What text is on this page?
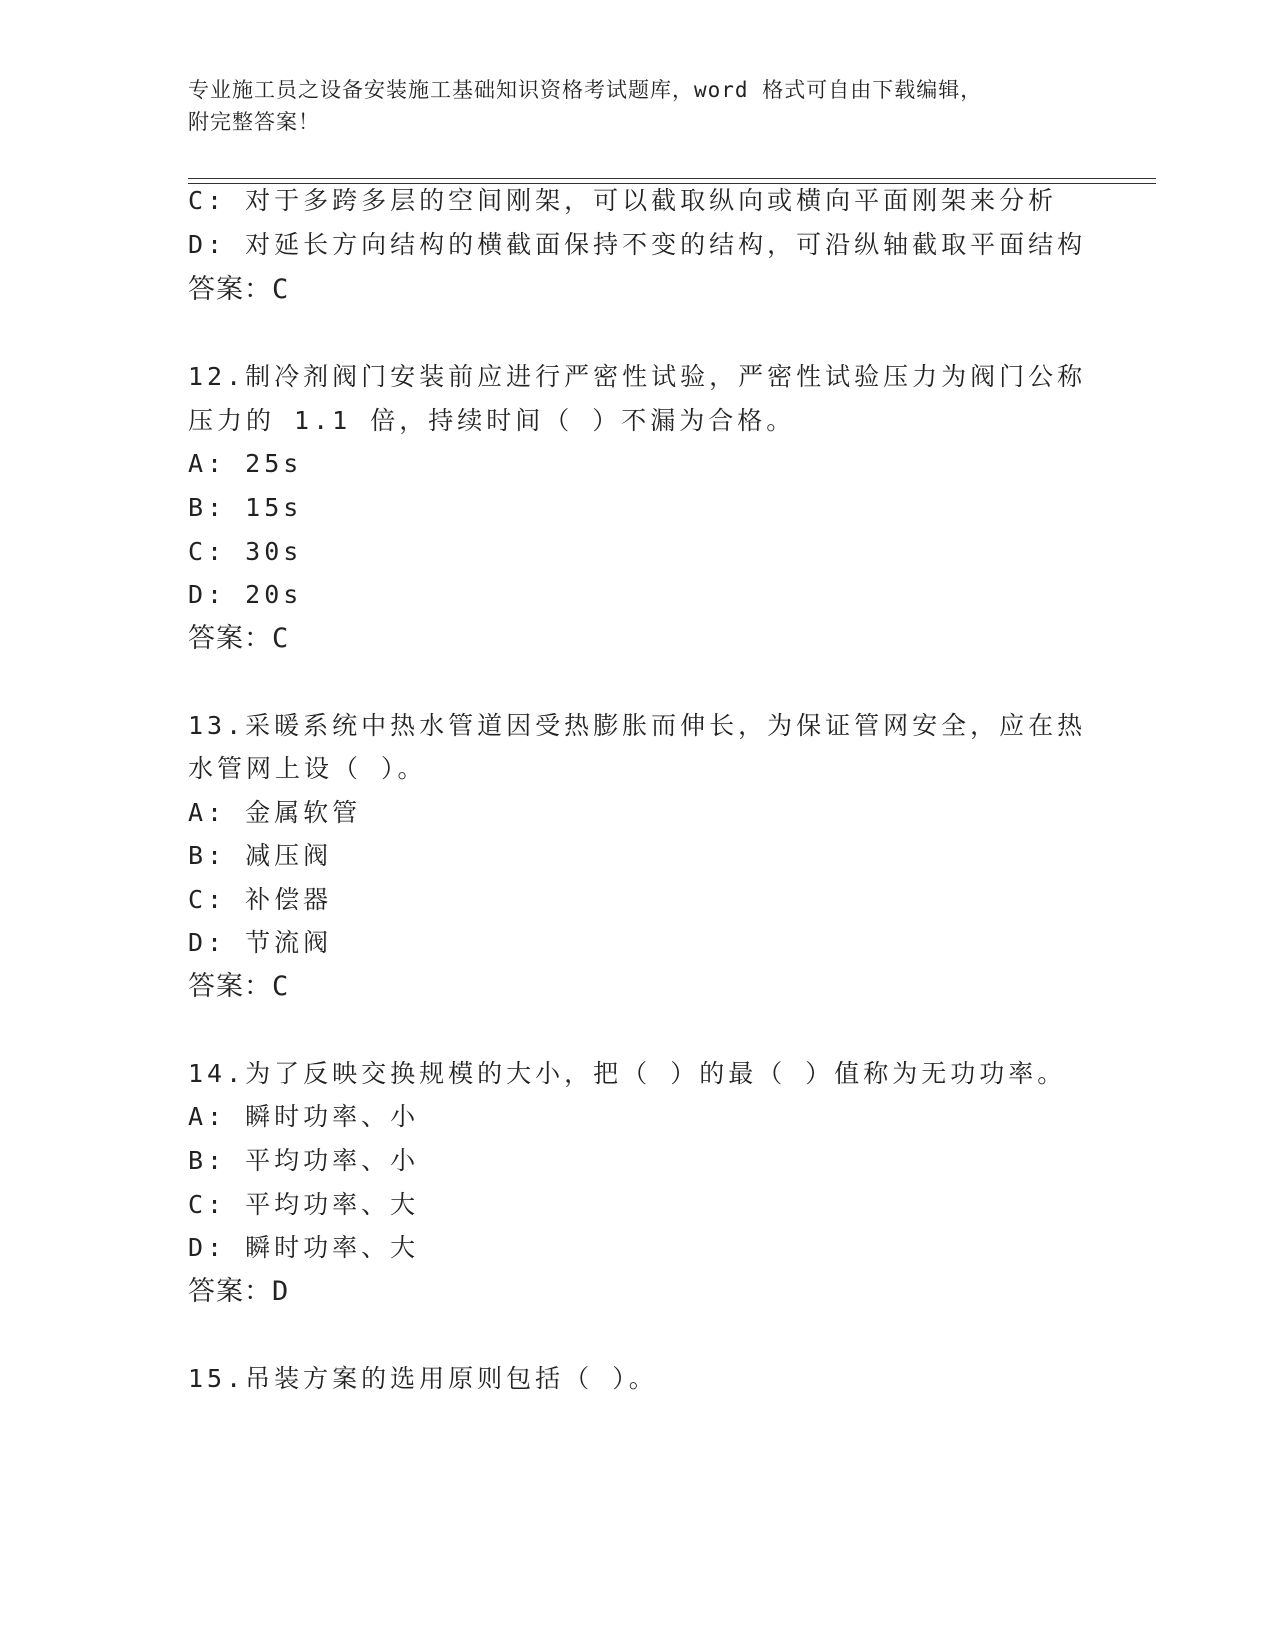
专业施工员之设备安装施工基础知识资格考试题库，word 格式可自由下载编辑，
附完整答案！
C: 对于多跨多层的空间刚架，可以截取纵向或横向平面刚架来分析
D: 对延长方向结构的横截面保持不变的结构，可沿纵轴截取平面结构
答案：C
12.制冷剂阀门安装前应进行严密性试验，严密性试验压力为阀门公称
压力的 1.1 倍，持续时间（ ）不漏为合格。
A: 25s
B: 15s
C: 30s
D: 20s
答案：C
13.采暖系统中热水管道因受热膨胀而伸长，为保证管网安全，应在热
水管网上设（ ）。
A: 金属软管
B: 减压阀
C: 补偿器
D: 节流阀
答案：C
14.为了反映交换规模的大小，把（ ）的最（ ）值称为无功功率。
A: 瞬时功率、小
B: 平均功率、小
C: 平均功率、大
D: 瞬时功率、大
答案：D
15.吊装方案的选用原则包括（ ）。
